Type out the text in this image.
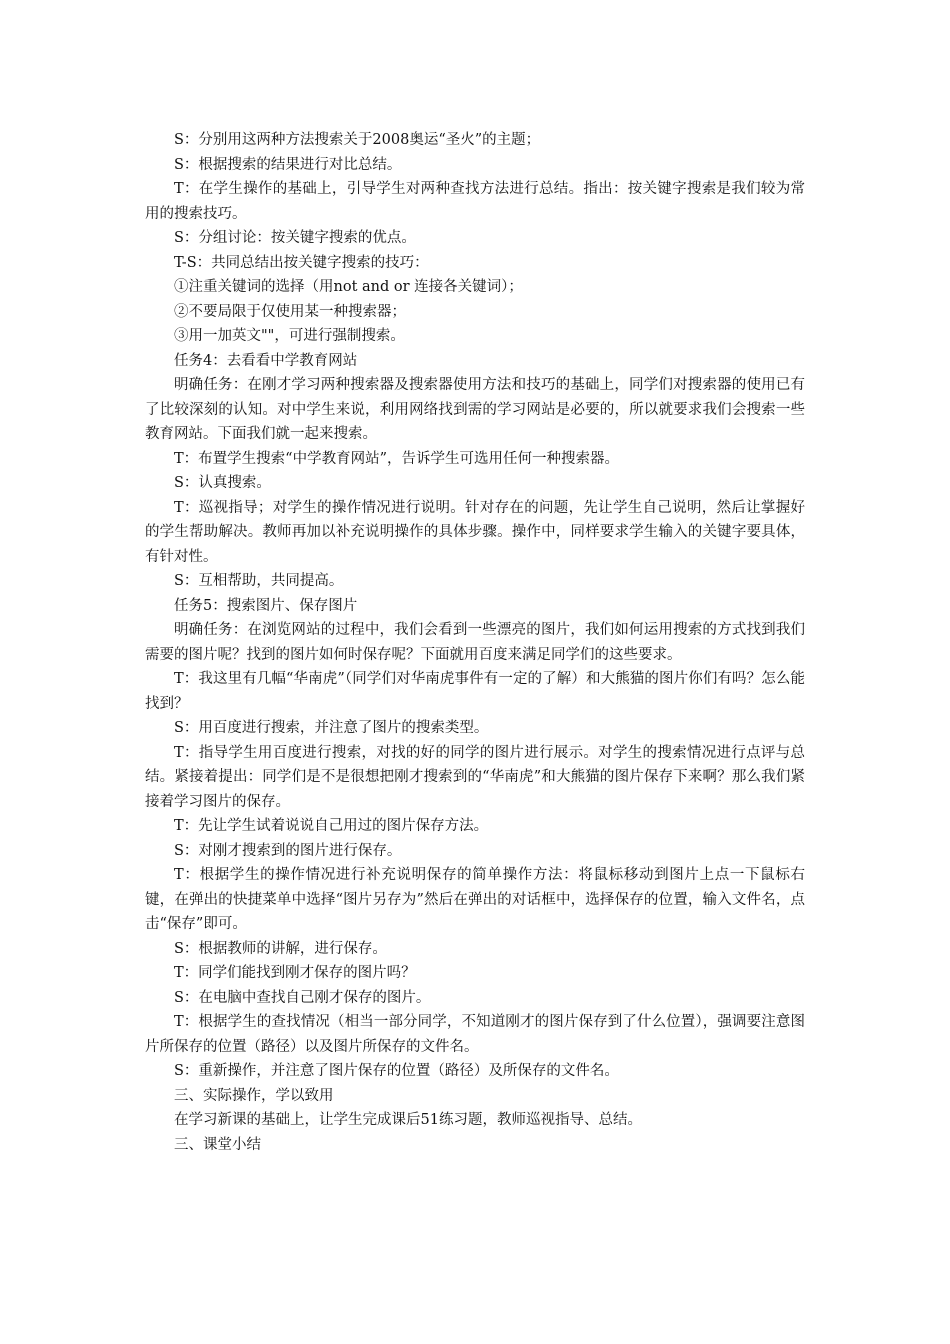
S：分别用这两种方法搜索关于2008奥运“圣火”的主题；

S：根据搜索的结果进行对比总结。

T：在学生操作的基础上，引导学生对两种查找方法进行总结。指出：按关键字搜索是我们较为常用的搜索技巧。

S：分组讨论：按关键字搜索的优点。

T-S：共同总结出按关键字搜索的技巧：

①注重关键词的选择（用not and or 连接各关键词）；

②不要局限于仅使用某一种搜索器；

③用一加英文""，可进行强制搜索。

任务4：去看看中学教育网站

明确任务：在刚才学习两种搜索器及搜索器使用方法和技巧的基础上，同学们对搜索器的使用已有了比较深刻的认知。对中学生来说，利用网络找到需的学习网站是必要的，所以就要求我们会搜索一些教育网站。下面我们就一起来搜索。

T：布置学生搜索“中学教育网站”，告诉学生可选用任何一种搜索器。

S：认真搜索。

T：巡视指导；对学生的操作情况进行说明。针对存在的问题，先让学生自己说明，然后让掌握好的学生帮助解决。教师再加以补充说明操作的具体步骤。操作中，同样要求学生输入的关键字要具体，有针对性。

S：互相帮助，共同提高。

任务5：搜索图片、保存图片

明确任务：在浏览网站的过程中，我们会看到一些漂亮的图片，我们如何运用搜索的方式找到我们需要的图片呢？找到的图片如何时保存呢？下面就用百度来满足同学们的这些要求。

T：我这里有几幅“华南虎”（同学们对华南虎事件有一定的了解）和大熊猫的图片你们有吗？怎么能找到？

S：用百度进行搜索，并注意了图片的搜索类型。

T：指导学生用百度进行搜索，对找的好的同学的图片进行展示。对学生的搜索情况进行点评与总结。紧接着提出：同学们是不是很想把刚才搜索到的“华南虎”和大熊猫的图片保存下来啊？那么我们紧接着学习图片的保存。

T：先让学生试着说说自己用过的图片保存方法。

S：对刚才搜索到的图片进行保存。

T：根据学生的操作情况进行补充说明保存的简单操作方法：将鼠标移动到图片上点一下鼠标右键，在弹出的快捷菜单中选择“图片另存为”然后在弹出的对话框中，选择保存的位置，输入文件名，点击“保存”即可。

S：根据教师的讲解，进行保存。

T：同学们能找到刚才保存的图片吗？

S：在电脑中查找自己刚才保存的图片。

T：根据学生的查找情况（相当一部分同学，不知道刚才的图片保存到了什么位置），强调要注意图片所保存的位置（路径）以及图片所保存的文件名。

S：重新操作，并注意了图片保存的位置（路径）及所保存的文件名。

三、实际操作，学以致用

在学习新课的基础上，让学生完成课后51练习题，教师巡视指导、总结。

三、课堂小结
